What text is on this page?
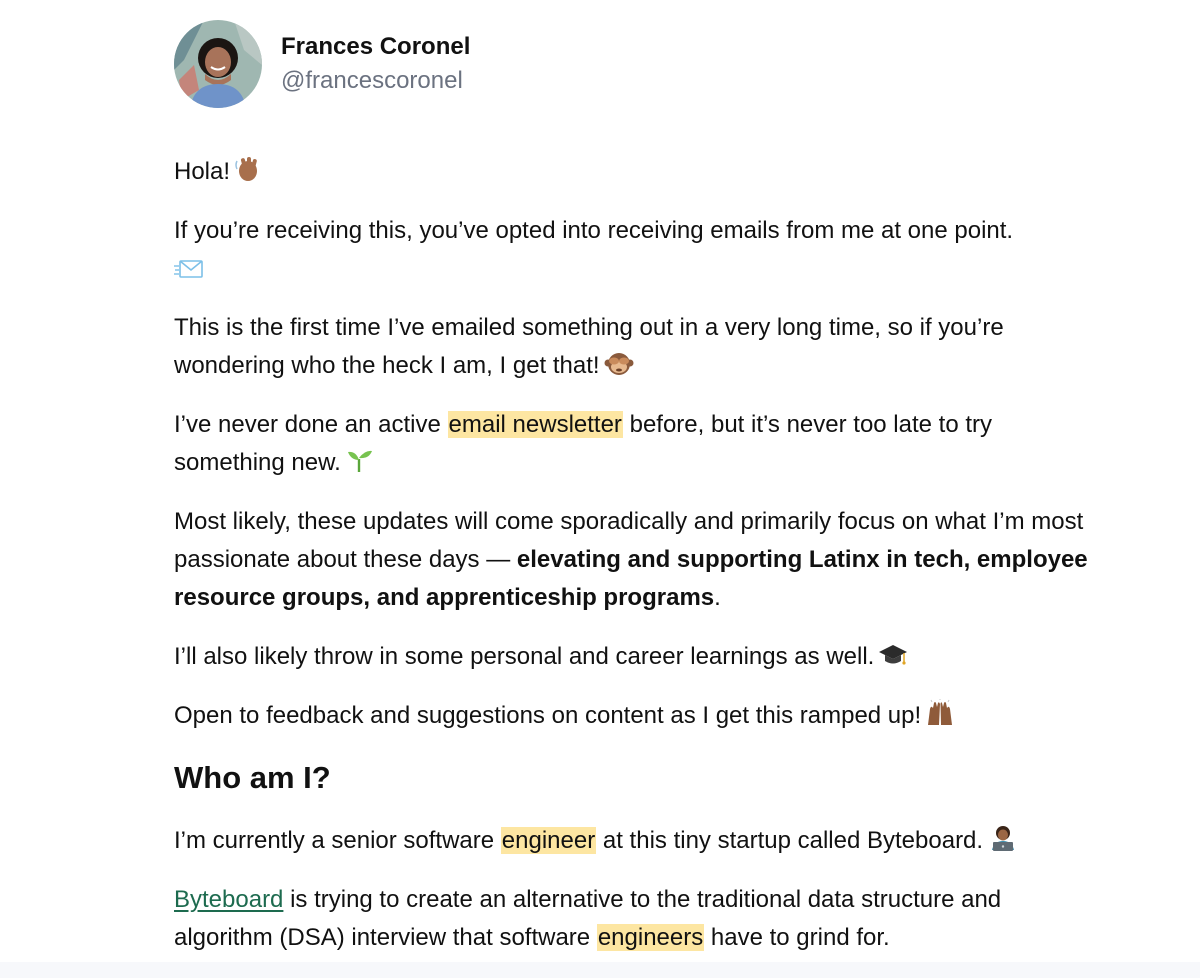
Frances Coronel
@francescoronel

Hola!

If you’re receiving this, you’ve opted into receiving emails from me at one point.

This is the first time I’ve emailed something out in a very long time, so if you’re wondering who the heck I am, I get that!

I’ve never done an active email newsletter before, but it’s never too late to try something new.

Most likely, these updates will come sporadically and primarily focus on what I’m most passionate about these days — elevating and supporting Latinx in tech, employee resource groups, and apprenticeship programs.

I’ll also likely throw in some personal and career learnings as well.

Open to feedback and suggestions on content as I get this ramped up!

Who am I?

I’m currently a senior software engineer at this tiny startup called Byteboard.

Byteboard is trying to create an alternative to the traditional data structure and algorithm (DSA) interview that software engineers have to grind for.
